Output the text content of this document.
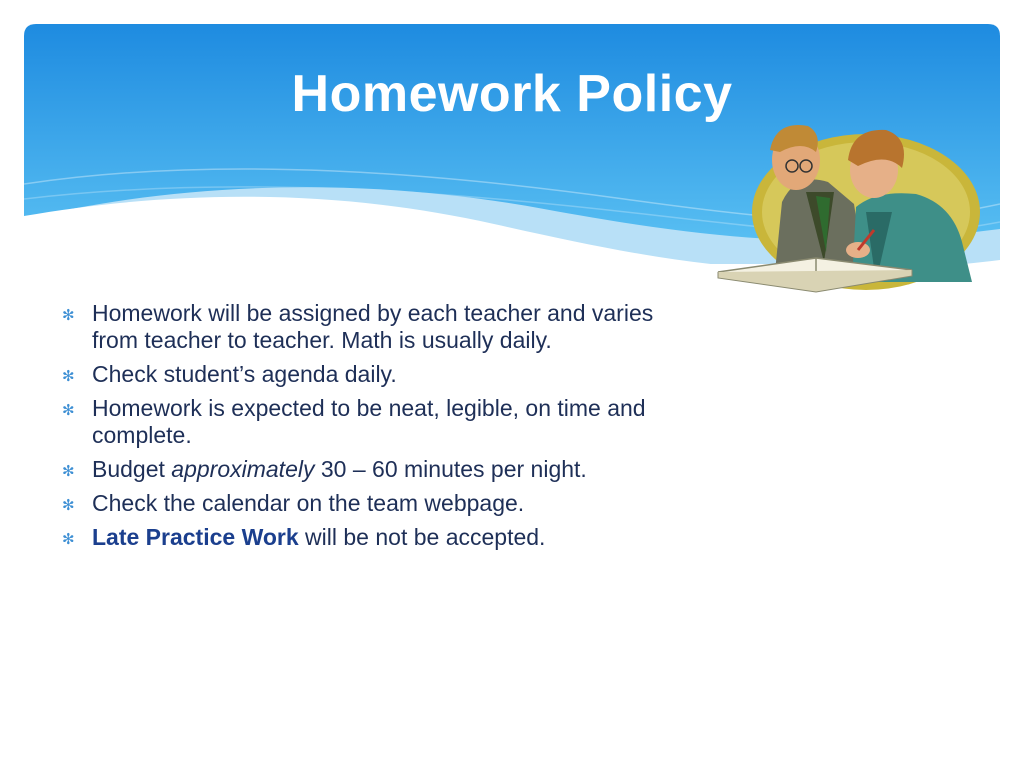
Homework Policy
✻ Homework will be assigned by each teacher and varies from teacher to teacher. Math is usually daily.
✻ Check student’s agenda daily.
✻ Homework is expected to be neat, legible, on time and complete.
✻ Budget approximately 30 – 60 minutes per night.
✻ Check the calendar on the team webpage.
✻ Late Practice Work will be not be accepted.
